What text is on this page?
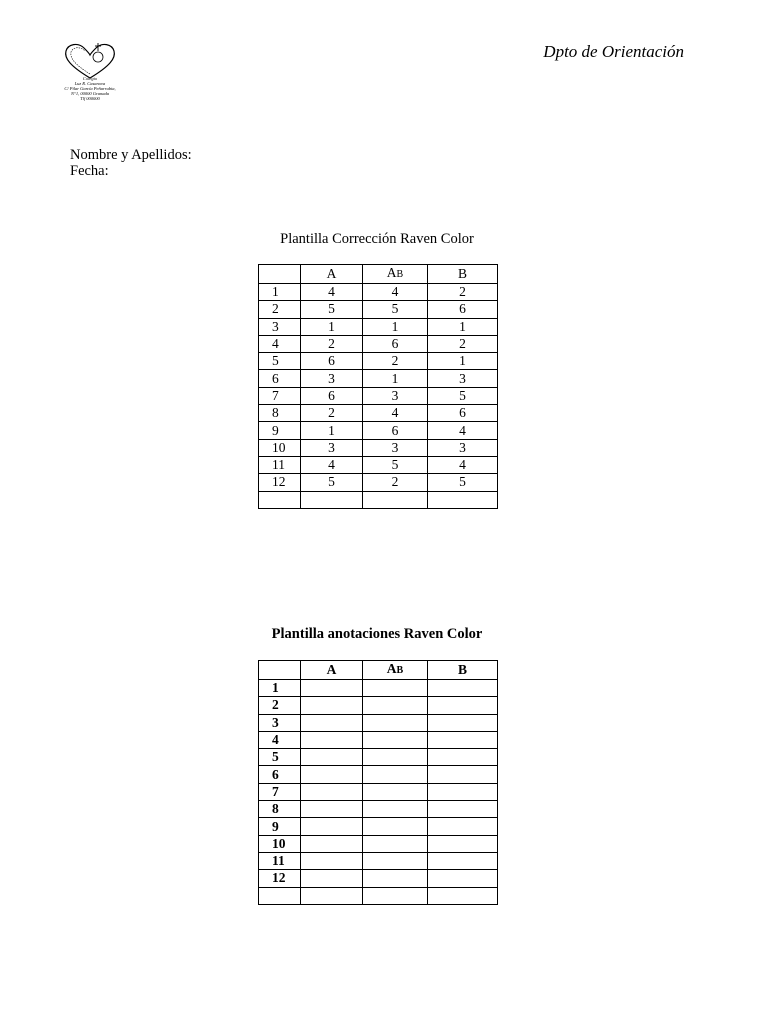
Colegio
Luz R. Casanova
C/ Pilar García Peñarrubia,
N°1, 00000 Granada
Tlf 000000
Dpto de Orientación
Nombre y Apellidos:
Fecha:
Plantilla Corrección Raven Color
	A	AB	B
1	4	4	2
2	5	5	6
3	1	1	1
4	2	6	2
5	6	2	1
6	3	1	3
7	6	3	5
8	2	4	6
9	1	6	4
10	3	3	3
11	4	5	4
12	5	2	5

Plantilla anotaciones Raven Color
	A	AB	B
1			
2			
3			
4			
5			
6			
7			
8			
9			
10			
11			
12			
